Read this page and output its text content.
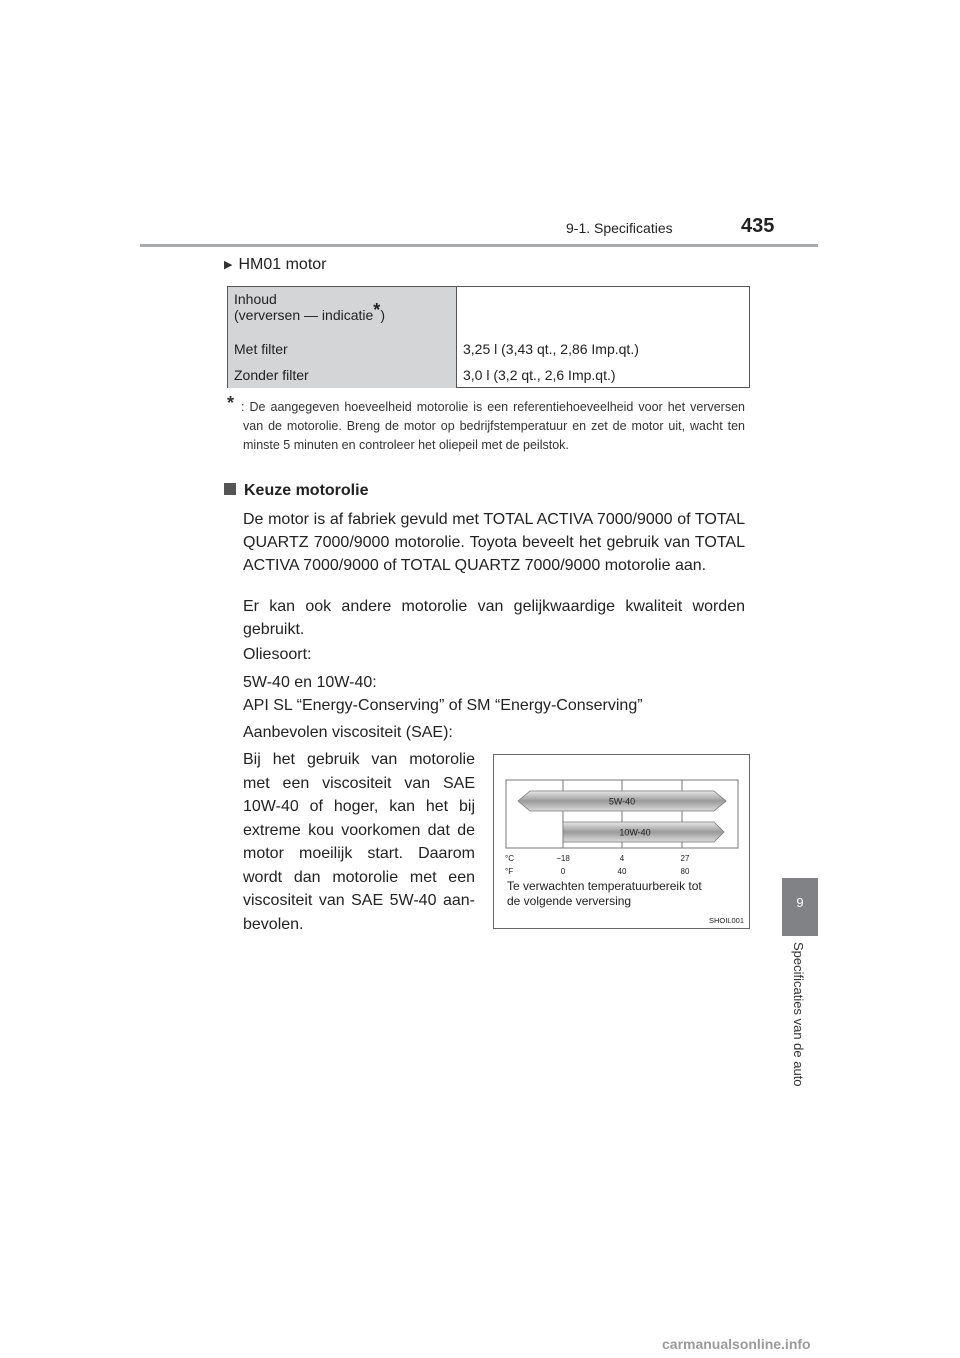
9-1. Specificaties	435
9
Specificaties van de auto
▶ HM01 motor
Inhoud
(verversen — indicatie*)
Met filter	3,25 l (3,43 qt., 2,86 Imp.qt.)
Zonder filter	3,0 l (3,2 qt., 2,6 Imp.qt.)
* : De aangegeven hoeveelheid motorolie is een referentiehoeveelheid voor het verversen van de motorolie. Breng de motor op bedrijfstemperatuur en zet de motor uit, wacht ten minste 5 minuten en controleer het oliepeil met de peilstok.
Keuze motorolie
De motor is af fabriek gevuld met TOTAL ACTIVA 7000/9000 of TOTAL QUARTZ 7000/9000 motorolie. Toyota beveelt het gebruik van TOTAL ACTIVA 7000/9000 of TOTAL QUARTZ 7000/9000 motorolie aan.
Er kan ook andere motorolie van gelijkwaardige kwaliteit worden gebruikt.
Oliesoort:
5W-40 en 10W-40:
API SL “Energy-Conserving” of SM “Energy-Conserving”
Aanbevolen viscositeit (SAE):
Bij het gebruik van motorolie
met een viscositeit van SAE
10W-40 of hoger, kan het bij
extreme kou voorkomen dat de
motor moeilijk start. Daarom
wordt dan motorolie met een
viscositeit van SAE 5W-40 aan-
bevolen.
5W-40
10W-40
°C
°F
−18	4	27
0	40	80
Te verwachten temperatuurbereik tot
de volgende verversing
SHOIL001
carmanualsonline.info
